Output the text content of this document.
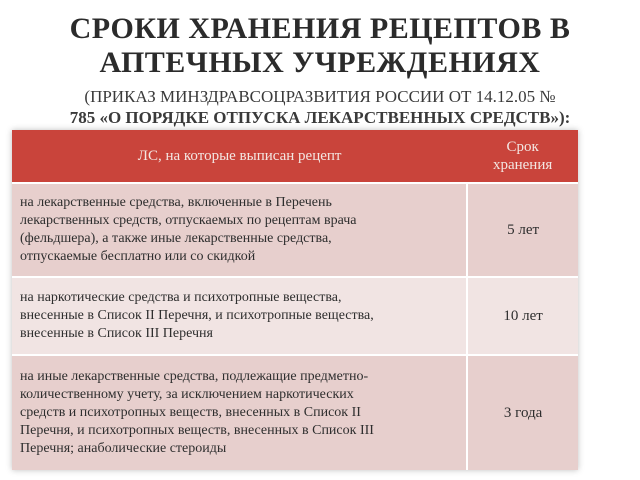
СРОКИ ХРАНЕНИЯ РЕЦЕПТОВ В
АПТЕЧНЫХ УЧРЕЖДЕНИЯХ
(ПРИКАЗ МИНЗДРАВСОЦРАЗВИТИЯ РОССИИ ОТ 14.12.05 №
785 «О ПОРЯДКЕ ОТПУСКА ЛЕКАРСТВЕННЫХ СРЕДСТВ»):
ЛС, на которые выписан рецепт	Срок
хранения

на лекарственные средства, включенные в Перечень
лекарственных средств, отпускаемых по рецептам врача
(фельдшера), а также иные лекарственные средства,
отпускаемые бесплатно или со скидкой	5 лет

на наркотические средства и психотропные вещества,
внесенные в Список II Перечня, и психотропные вещества,
внесенные в Список III Перечня	10 лет

на иные лекарственные средства, подлежащие предметно-
количественному учету, за исключением наркотических
средств и психотропных веществ, внесенных в Список II
Перечня, и психотропных веществ, внесенных в Список III
Перечня; анаболические стероиды	3 года
